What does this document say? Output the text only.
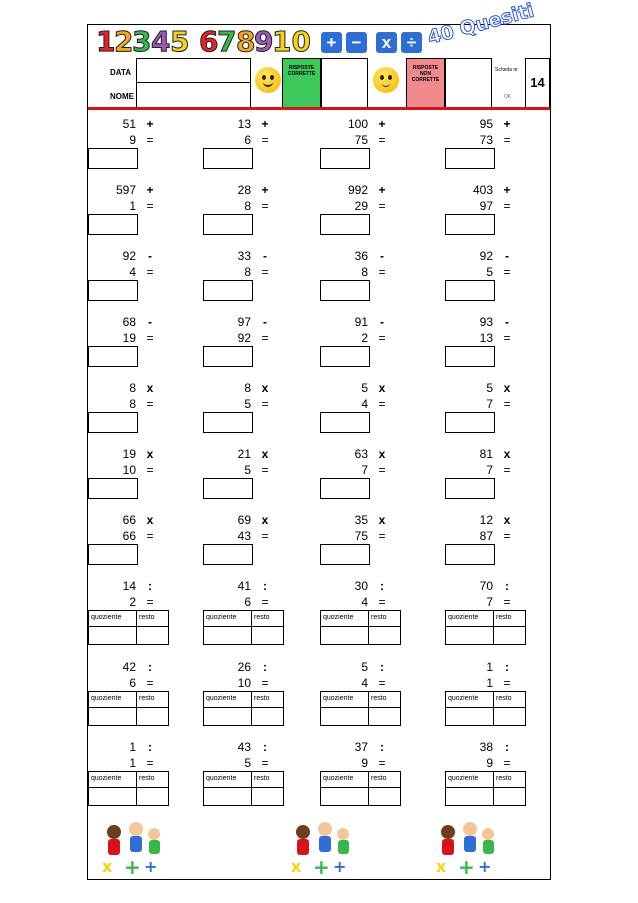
1
2
3 4 5 6
7 8
9
10 + −	x ÷ 40 Quesiti
DATA
NOME
RISPOSTE CORRETTE
RISPOSTE NON CORRETTE
Scheda nr
14
OK
51 +
9 =
13 +
6 =
100 +
75 =
95 +
73 =
597 +
1 =
28 +
8 =
992 +
29 =
403 +
97 =
92 -
4 =
33 -
8 =
36 -
8 =
92 -
5 =
68 -
19 =
97 -
92 =
91 -
2 =
93 -
13 =
8 x
8 =
8 x
5 =
5 x
4 =
5 x
7 =
19 x
10 =
21 x
5 =
63 x
7 =
81 x
7 =
66 x
66 =
69 x
43 =
35 x
75 =
12 x
87 =
14 :
2 =
quoziente	resto
41 :
6 =
quoziente	resto
30 :
4 =
quoziente	resto
70 :
7 =
quoziente	resto
42 :
6 =
quoziente	resto
26 :
10 =
quoziente	resto
5 :
4 =
quoziente	resto
1 :
1 =
quoziente	resto
1 :
1 =
quoziente	resto
43 :
5 =
quoziente	resto
37 :
9 =
quoziente	resto
38 :
9 =
quoziente	resto
x + +	x + +	x + +
